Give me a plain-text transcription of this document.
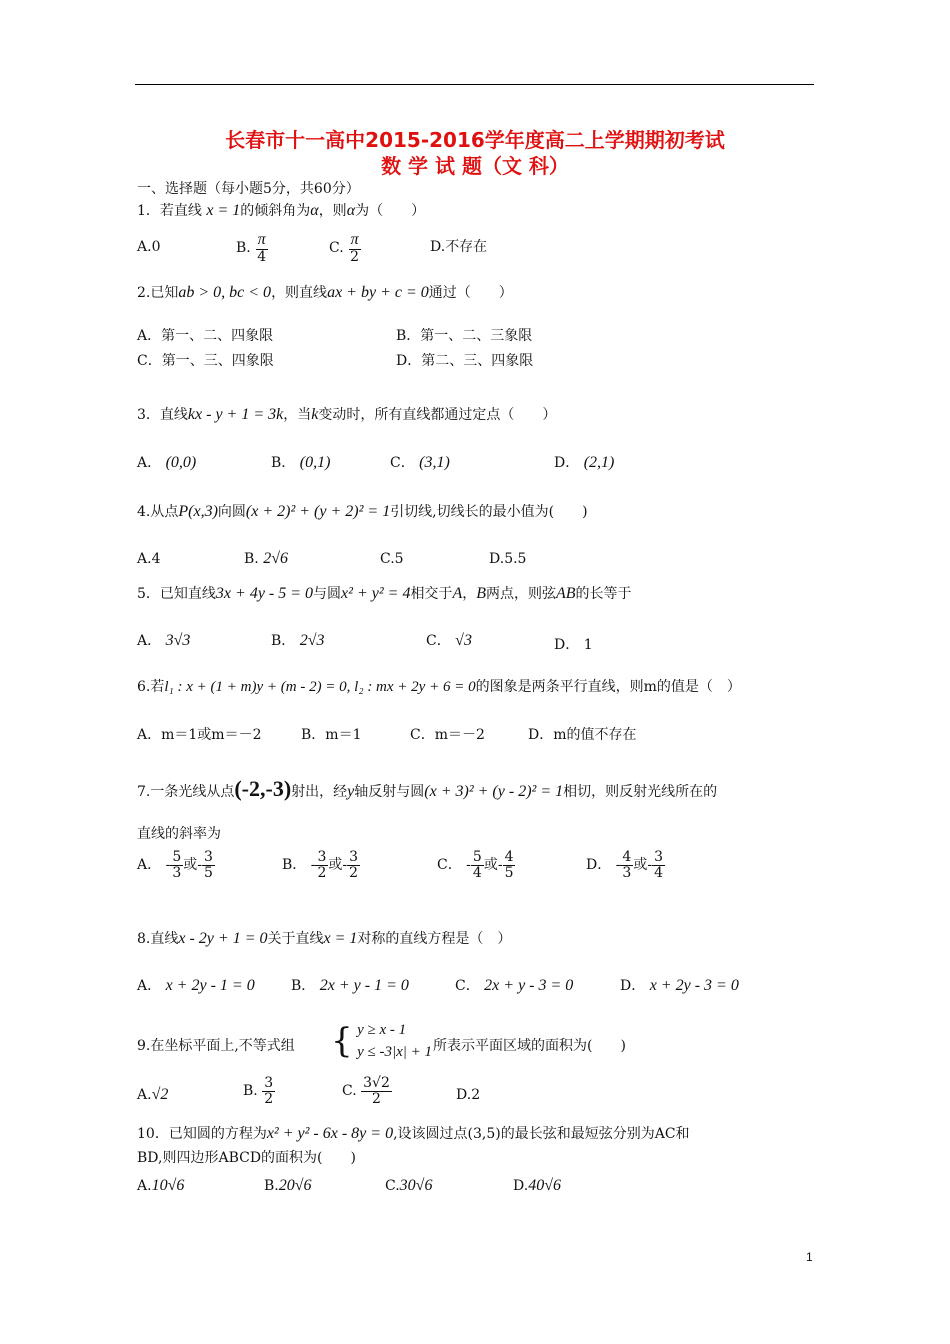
长春市十一高中2015-2016学年度高二上学期期初考试
数 学 试 题（文 科）
一、选择题（每小题5分，共60分）
1．若直线 x = 1的倾斜角为α，则α为（　　）
A.0	B. $\frac{\pi}{4}$	C. $\frac{\pi}{2}$	D.不存在
2.已知ab > 0, bc < 0，则直线ax + by + c = 0通过（　　）
A．第一、二、四象限	B．第一、二、三象限
C．第一、三、四象限	D．第二、三、四象限
3．直线kx - y + 1 = 3k，当k变动时，所有直线都通过定点（　　）
A． (0,0)	B． (0,1)	C． (3,1)	D． (2,1)
4.从点P(x,3)向圆(x + 2)² + (y + 2)² = 1引切线,切线长的最小值为(　　)
A.4	B. 2√6	C.5	D.5.5
5．已知直线3x + 4y - 5 = 0与圆x² + y² = 4相交于A，B两点，则弦AB的长等于
A． 3√3	B． 2√3	C． √3	D． 1
6.若l₁ : x + (1 + m)y + (m - 2) = 0, l₂ : mx + 2y + 6 = 0的图象是两条平行直线，则m的值是（　）
A．m＝1或m＝－2	B．m＝1	C．m＝－2	D．m的值不存在
7.一条光线从点(-2,-3)射出，经y轴反射与圆(x + 3)² + (y - 2)² = 1相切，则反射光线所在的
直线的斜率为
A． - $\frac{5}{3}$ 或- $\frac{3}{5}$	B． - $\frac{3}{2}$ 或- $\frac{3}{2}$	C． - $\frac{5}{4}$ 或- $\frac{4}{5}$	D． - $\frac{4}{3}$ 或- $\frac{3}{4}$
8.直线x - 2y + 1 = 0关于直线x = 1对称的直线方程是（　）
A． x + 2y - 1 = 0	B． 2x + y - 1 = 0	C． 2x + y - 3 = 0	D． x + 2y - 3 = 0
9.在坐标平面上,不等式组 { y ≥ x - 1
y ≤ -3|x| + 1 所表示平面区域的面积为(　　)
A.√2	B. $\frac{3}{2}$	C. $\frac{3√2}{2}$	D.2
10．已知圆的方程为x² + y² - 6x - 8y = 0,设该圆过点(3,5)的最长弦和最短弦分别为AC和
BD,则四边形ABCD的面积为(　　)
A.10√6	B.20√6	C.30√6	D.40√6
1
